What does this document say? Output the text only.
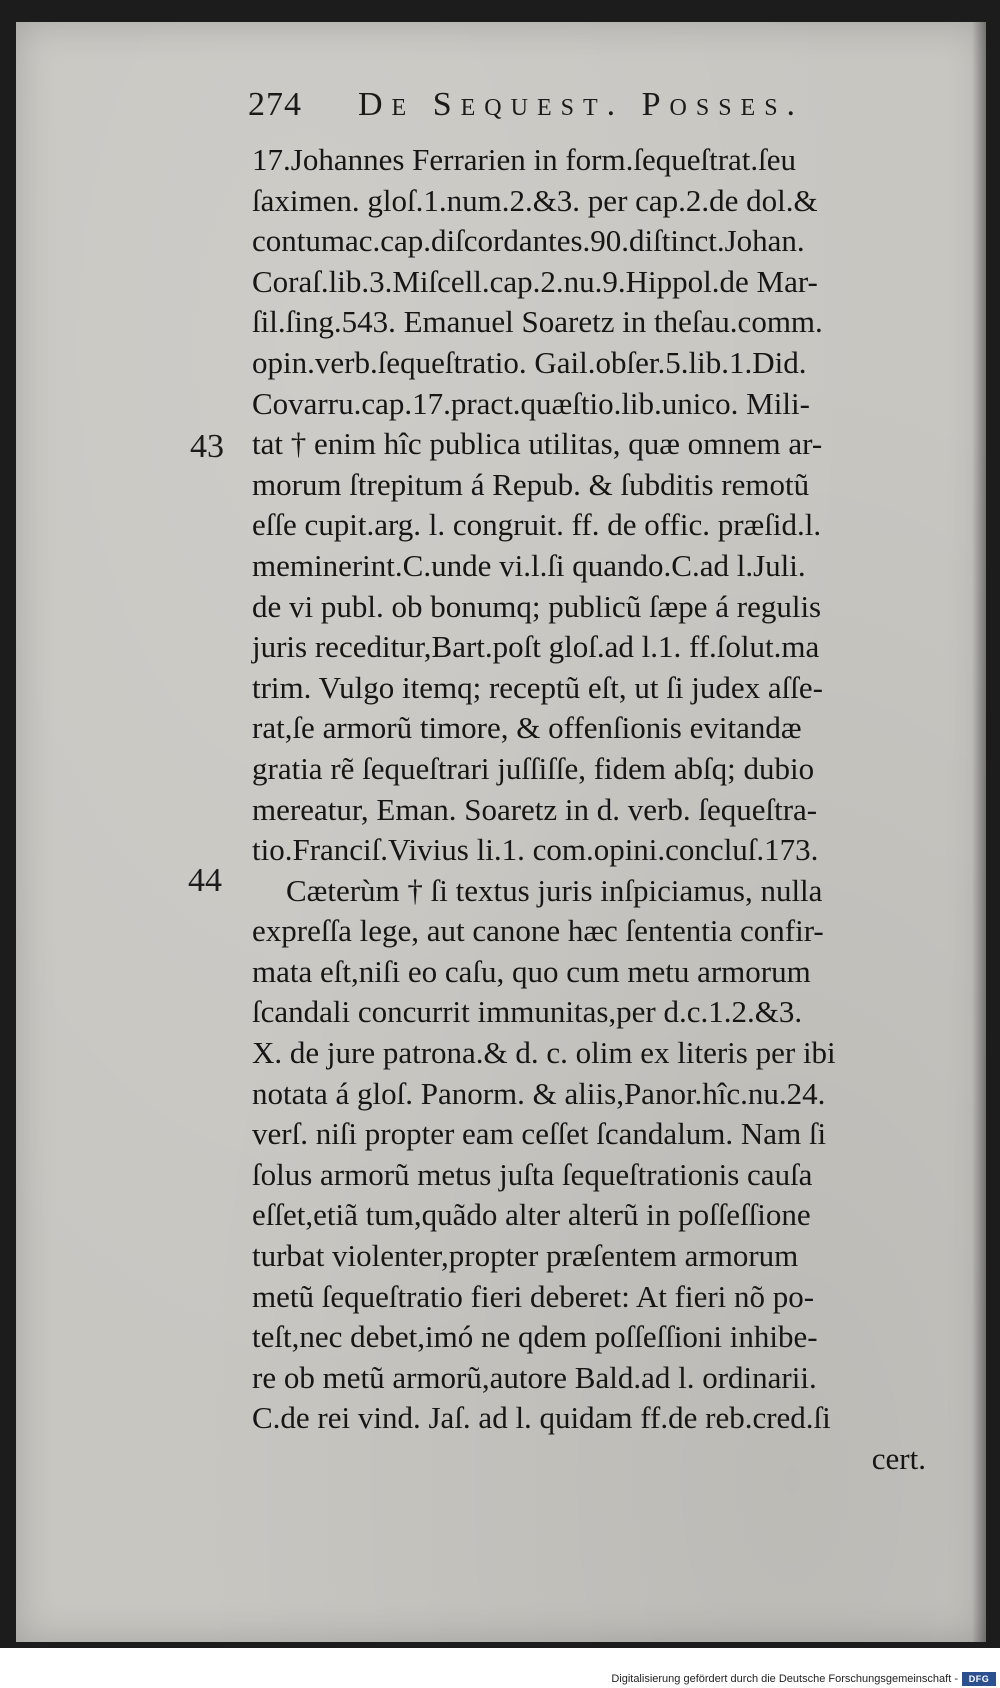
274 De Sequest. Posses.
43
44
17.Johannes Ferrarien in form.ſequeſtrat.ſeu
ſaximen. gloſ.1.num.2.&3. per cap.2.de dol.&
contumac.cap.diſcordantes.90.diſtinct.Johan.
Coraſ.lib.3.Miſcell.cap.2.nu.9.Hippol.de Mar-
ſil.ſing.543. Emanuel Soaretz in theſau.comm.
opin.verb.ſequeſtratio. Gail.obſer.5.lib.1.Did.
Covarru.cap.17.pract.quæſtio.lib.unico. Mili-
tat † enim hîc publica utilitas, quæ omnem ar-
morum ſtrepitum á Repub. & ſubditis remotũ
eſſe cupit.arg. l. congruit. ff. de offic. præſid.l.
meminerint.C.unde vi.l.ſi quando.C.ad l.Juli.
de vi publ. ob bonumq; publicũ ſæpe á regulis
juris receditur,Bart.poſt gloſ.ad l.1. ff.ſolut.ma
trim. Vulgo itemq; receptũ eſt, ut ſi judex aſſe-
rat,ſe armorũ timore, & offenſionis evitandæ
gratia rẽ ſequeſtrari juſſiſſe, fidem abſq; dubio
mereatur, Eman. Soaretz in d. verb. ſequeſtra-
tio.Franciſ.Vivius li.1. com.opini.concluſ.173.
Cæterùm † ſi textus juris inſpiciamus, nulla
expreſſa lege, aut canone hæc ſententia confir-
mata eſt,niſi eo caſu, quo cum metu armorum
ſcandali concurrit immunitas,per d.c.1.2.&3.
X. de jure patrona.& d. c. olim ex literis per ibi
notata á gloſ. Panorm. & aliis,Panor.hîc.nu.24.
verſ. niſi propter eam ceſſet ſcandalum. Nam ſi
ſolus armorũ metus juſta ſequeſtrationis cauſa
eſſet,etiã tum,quãdo alter alterũ in poſſeſſione
turbat violenter,propter præſentem armorum
metũ ſequeſtratio fieri deberet: At fieri nõ po-
teſt,nec debet,imó ne qdem poſſeſſioni inhibe-
re ob metũ armorũ,autore Bald.ad l. ordinarii.
C.de rei vind. Jaſ. ad l. quidam ff.de reb.cred.ſi
cert.
Digitalisierung gefördert durch die Deutsche Forschungsgemeinschaft -	DFG
